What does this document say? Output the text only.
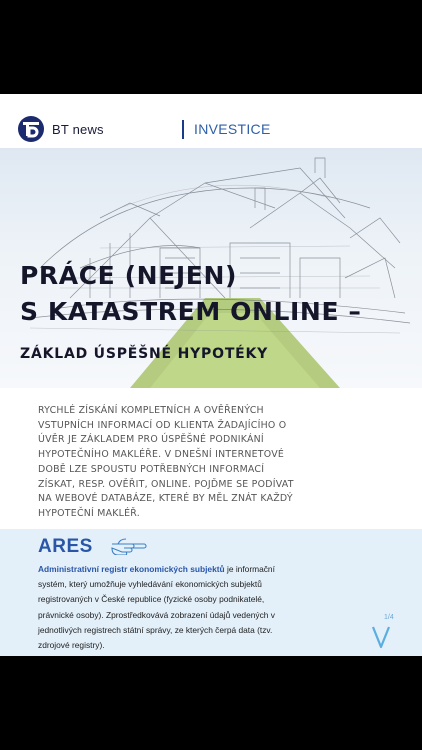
BT news	INVESTICE
PRÁCE (NEJEN)
S KATASTREM ONLINE –
ZÁKLAD ÚSPĚŠNÉ HYPOTÉKY

RYCHLÉ ZÍSKÁNÍ KOMPLETNÍCH A OVĚŘENÝCH VSTUPNÍCH INFORMACÍ OD KLIENTA ŽADAJÍCÍHO O ÚVĚR JE ZÁKLADEM PRO ÚSPĚŠNÉ PODNIKÁNÍ HYPOTEČNÍHO MAKLÉŘE. V DNEŠNÍ INTERNETOVÉ DOBĚ LZE SPOUSTU POTŘEBNÝCH INFORMACÍ ZÍSKAT, RESP. OVĚŘIT, ONLINE. POJĎME SE PODÍVAT NA WEBOVÉ DATABÁZE, KTERÉ BY MĚL ZNÁT KAŽDÝ HYPOTEČNÍ MAKLÉŘ.

ARES

Administrativní registr ekonomických subjektů je informační systém, který umožňuje vyhledávání ekonomických subjektů registrovaných v České republice (fyzické osoby podnikatelé, právnické osoby). Zprostředkovává zobrazení údajů vedených v jednotlivých registrech státní správy, ze kterých čerpá data (tzv. zdrojové registry).

1/4
